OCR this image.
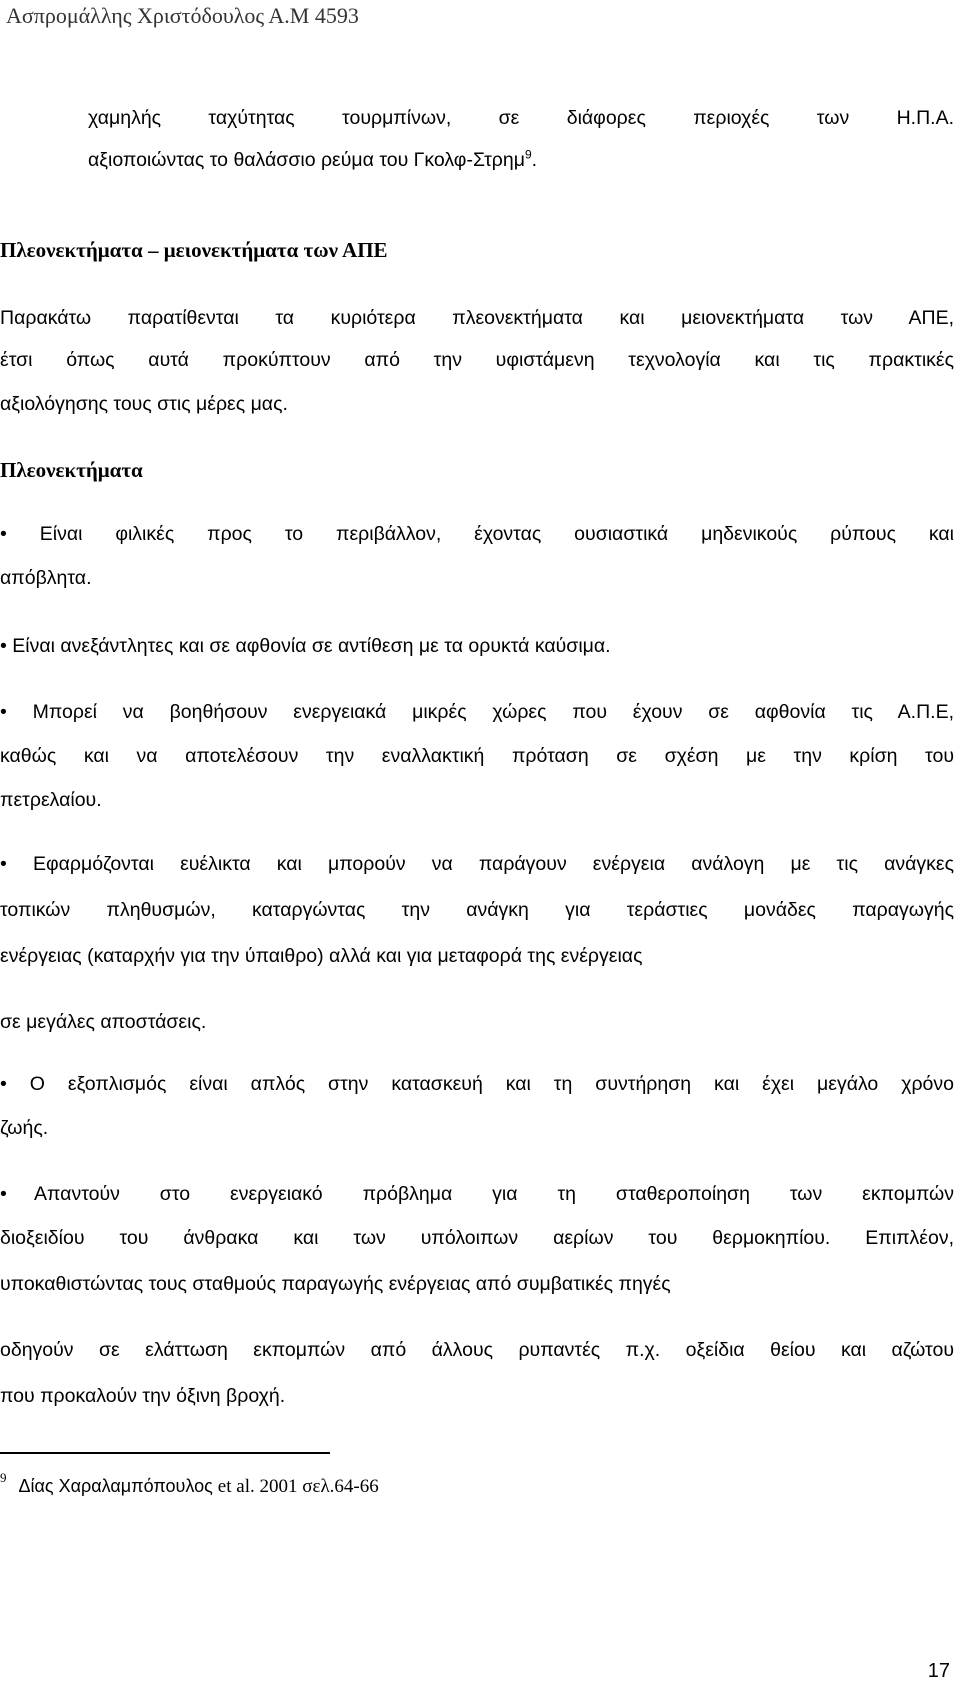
Ασπρομάλλης Χριστόδουλος Α.Μ 4593
χαμηλής ταχύτητας τουρμπίνων, σε διάφορες περιοχές των Η.Π.Α.
αξιοποιώντας το θαλάσσιο ρεύμα του Γκολφ-Στρημ$^9$.
Πλεονεκτήματα – μειονεκτήματα των ΑΠΕ
Παρακάτω παρατίθενται τα κυριότερα πλεονεκτήματα και μειονεκτήματα των ΑΠΕ,
έτσι όπως αυτά προκύπτουν από την υφιστάμενη τεχνολογία και τις πρακτικές
αξιολόγησης τους στις μέρες μας.
Πλεονεκτήματα
• Είναι φιλικές προς το περιβάλλον, έχοντας ουσιαστικά μηδενικούς ρύπους και
απόβλητα.
• Είναι ανεξάντλητες και σε αφθονία σε αντίθεση με τα ορυκτά καύσιμα.
• Μπορεί να βοηθήσουν ενεργειακά μικρές χώρες που έχουν σε αφθονία τις Α.Π.Ε,
καθώς και να αποτελέσουν την εναλλακτική πρόταση σε σχέση με την κρίση του
πετρελαίου.
• Εφαρμόζονται ευέλικτα και μπορούν να παράγουν ενέργεια ανάλογη με τις ανάγκες
τοπικών πληθυσμών, καταργώντας την ανάγκη για τεράστιες μονάδες παραγωγής
ενέργειας (καταρχήν για την ύπαιθρο) αλλά και για μεταφορά της ενέργειας
σε μεγάλες αποστάσεις.
• Ο εξοπλισμός είναι απλός στην κατασκευή και τη συντήρηση και έχει μεγάλο χρόνο
ζωής.
• Απαντούν στο ενεργειακό πρόβλημα για τη σταθεροποίηση των εκπομπών
διοξειδίου του άνθρακα και των υπόλοιπων αερίων του θερμοκηπίου. Επιπλέον,
υποκαθιστώντας τους σταθμούς παραγωγής ενέργειας από συμβατικές πηγές
οδηγούν σε ελάττωση εκπομπών από άλλους ρυπαντές π.χ. οξείδια θείου και αζώτου
που προκαλούν την όξινη βροχή.
$^9$ Δίας Χαραλαμπόπουλος et al. 2001 σελ.64-66
17
